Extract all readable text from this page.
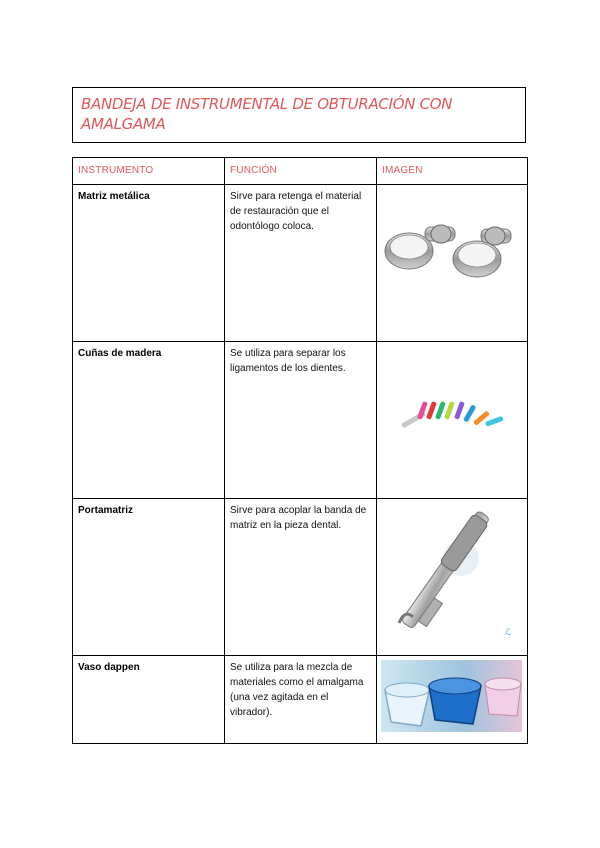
BANDEJA DE INSTRUMENTAL DE OBTURACIÓN CON AMALGAMA
INSTRUMENTO	FUNCIÓN	IMAGEN
Matriz metálica	Sirve para retenga el material de restauración que el odontólogo coloca.	

Cuñas de madera	Se utiliza para separar los ligamentos de los dientes.	

Portamatriz	Sirve para acoplar la banda de matriz en la pieza dental.	ℒ

Vaso dappen	Se utiliza para la mezcla de materiales como el amalgama (una vez agitada en el vibrador).	
